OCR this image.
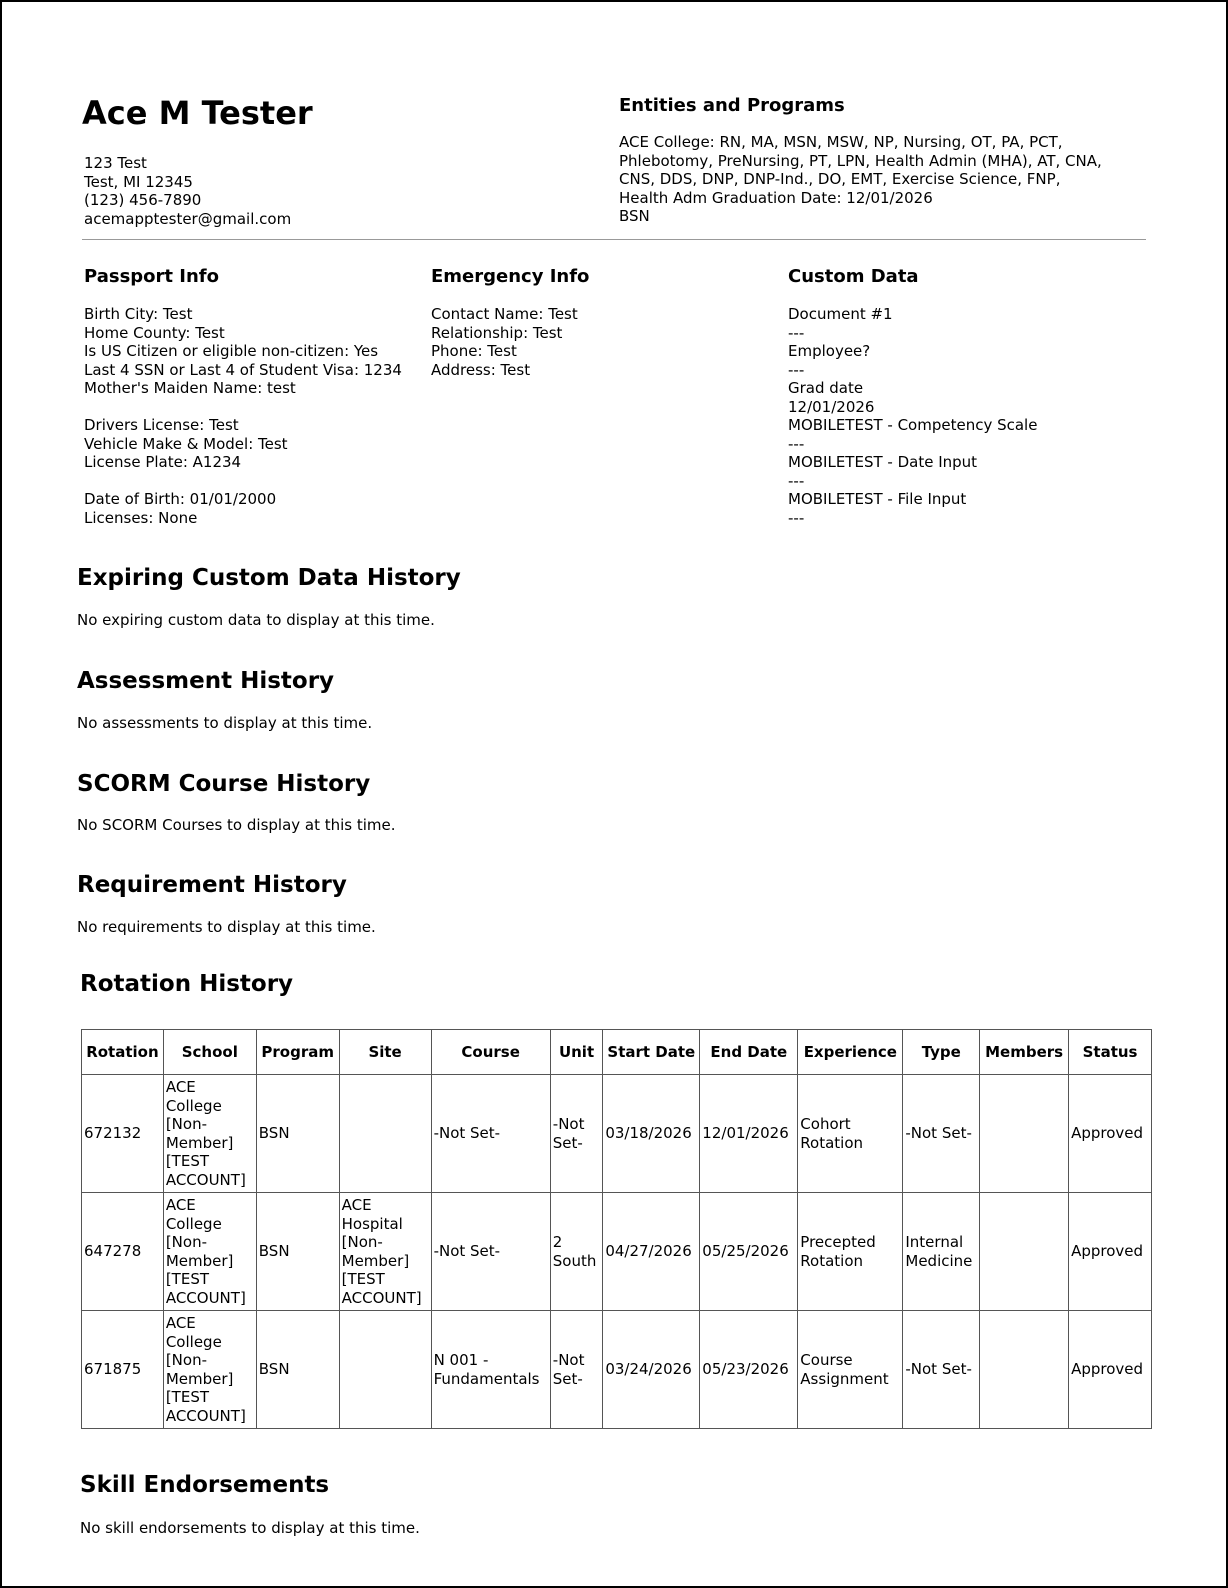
Ace M Tester
123 Test
Test, MI 12345
(123) 456-7890
acemapptester@gmail.com
Entities and Programs
ACE College: RN, MA, MSN, MSW, NP, Nursing, OT, PA, PCT,
Phlebotomy, PreNursing, PT, LPN, Health Admin (MHA), AT, CNA,
CNS, DDS, DNP, DNP-Ind., DO, EMT, Exercise Science, FNP,
Health Adm Graduation Date: 12/01/2026
BSN
Passport Info
Birth City: Test
Home County: Test
Is US Citizen or eligible non-citizen: Yes
Last 4 SSN or Last 4 of Student Visa: 1234
Mother's Maiden Name: test
Drivers License: Test
Vehicle Make & Model: Test
License Plate: A1234
Date of Birth: 01/01/2000
Licenses: None
Emergency Info
Contact Name: Test
Relationship: Test
Phone: Test
Address: Test
Custom Data
Document #1
---
Employee?
---
Grad date
12/01/2026
MOBILETEST - Competency Scale
---
MOBILETEST - Date Input
---
MOBILETEST - File Input
---
Expiring Custom Data History
No expiring custom data to display at this time.
Assessment History
No assessments to display at this time.
SCORM Course History
No SCORM Courses to display at this time.
Requirement History
No requirements to display at this time.
Rotation History
Rotation	School	Program	Site	Course	Unit	Start Date	End Date	Experience	Type	Members	Status
672132	ACE College [Non-Member] [TEST ACCOUNT]	BSN		-Not Set-	-Not Set-	03/18/2026	12/01/2026	Cohort Rotation	-Not Set-		Approved
647278	ACE College [Non-Member] [TEST ACCOUNT]	BSN	ACE Hospital [Non-Member] [TEST ACCOUNT]	-Not Set-	2 South	04/27/2026	05/25/2026	Precepted Rotation	Internal Medicine		Approved
671875	ACE College [Non-Member] [TEST ACCOUNT]	BSN		N 001 - Fundamentals	-Not Set-	03/24/2026	05/23/2026	Course Assignment	-Not Set-		Approved
Skill Endorsements
No skill endorsements to display at this time.
